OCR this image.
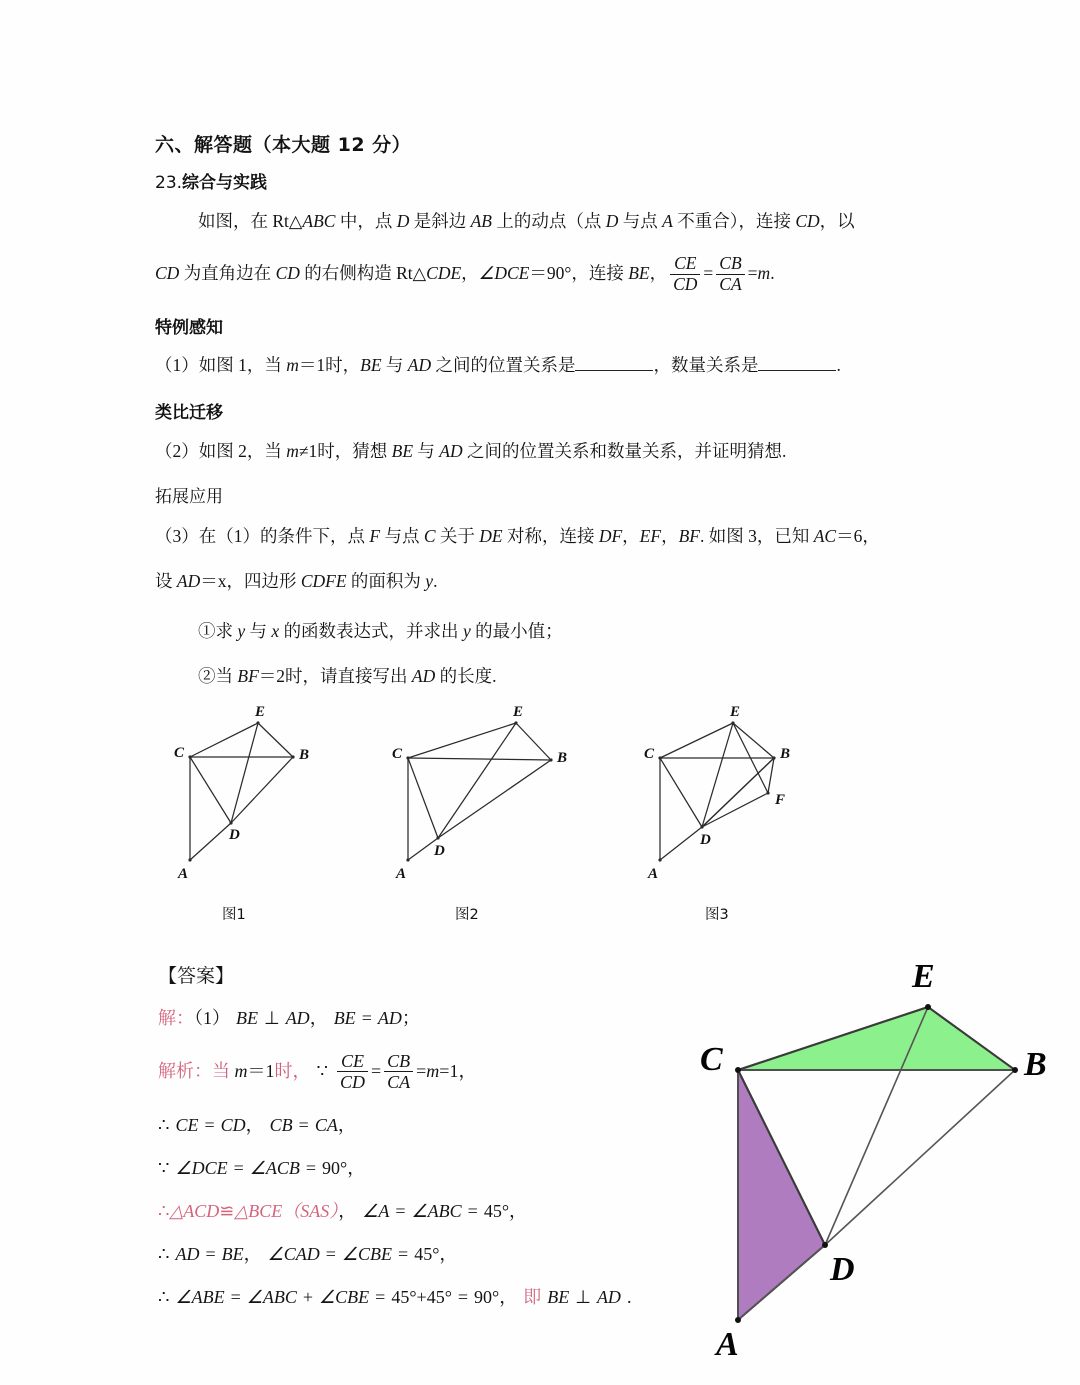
六、解答题（本大题 12 分）
23.综合与实践
如图，在 Rt△ABC 中，点 D 是斜边 AB 上的动点（点 D 与点 A 不重合），连接 CD，以
CD 为直角边在 CD 的右侧构造 Rt△CDE，∠DCE＝90°，连接 BE， $\frac{CE}{CD} = \frac{CB}{CA} =m$.
特例感知
（1）如图 1，当 m＝1时，BE 与 AD 之间的位置关系是	，数量关系是	.
类比迁移
（2）如图 2，当 m≠1时，猜想 BE 与 AD 之间的位置关系和数量关系，并证明猜想.
拓展应用
（3）在（1）的条件下，点 F 与点 C 关于 DE 对称，连接 DF，EF，BF. 如图 3，已知 AC＝6，
设 AD＝x，四边形 CDFE 的面积为 y.
①求 y 与 x 的函数表达式，并求出 y 的最小值；
②当 BF＝2时，请直接写出 AD 的长度.
E
C	B
D
A
图1
E
C	B
D
A
图2
E
C	B
F
D
A
图3
【答案】
解：（1） BE ⊥ AD， BE = AD；
解析：当 m＝1时， ∵ $\frac{CE}{CD} = \frac{CB}{CA} =m=1$，
∴ CE = CD， CB = CA，
∵ ∠DCE = ∠ACB = 90°，
∴△ACD≌△BCE（SAS）， ∠A = ∠ABC = 45°，
∴ AD = BE， ∠CAD = ∠CBE = 45°，
∴ ∠ABE = ∠ABC + ∠CBE = 45°+45° = 90°， 即 BE ⊥ AD .
E
C	B
D
A
